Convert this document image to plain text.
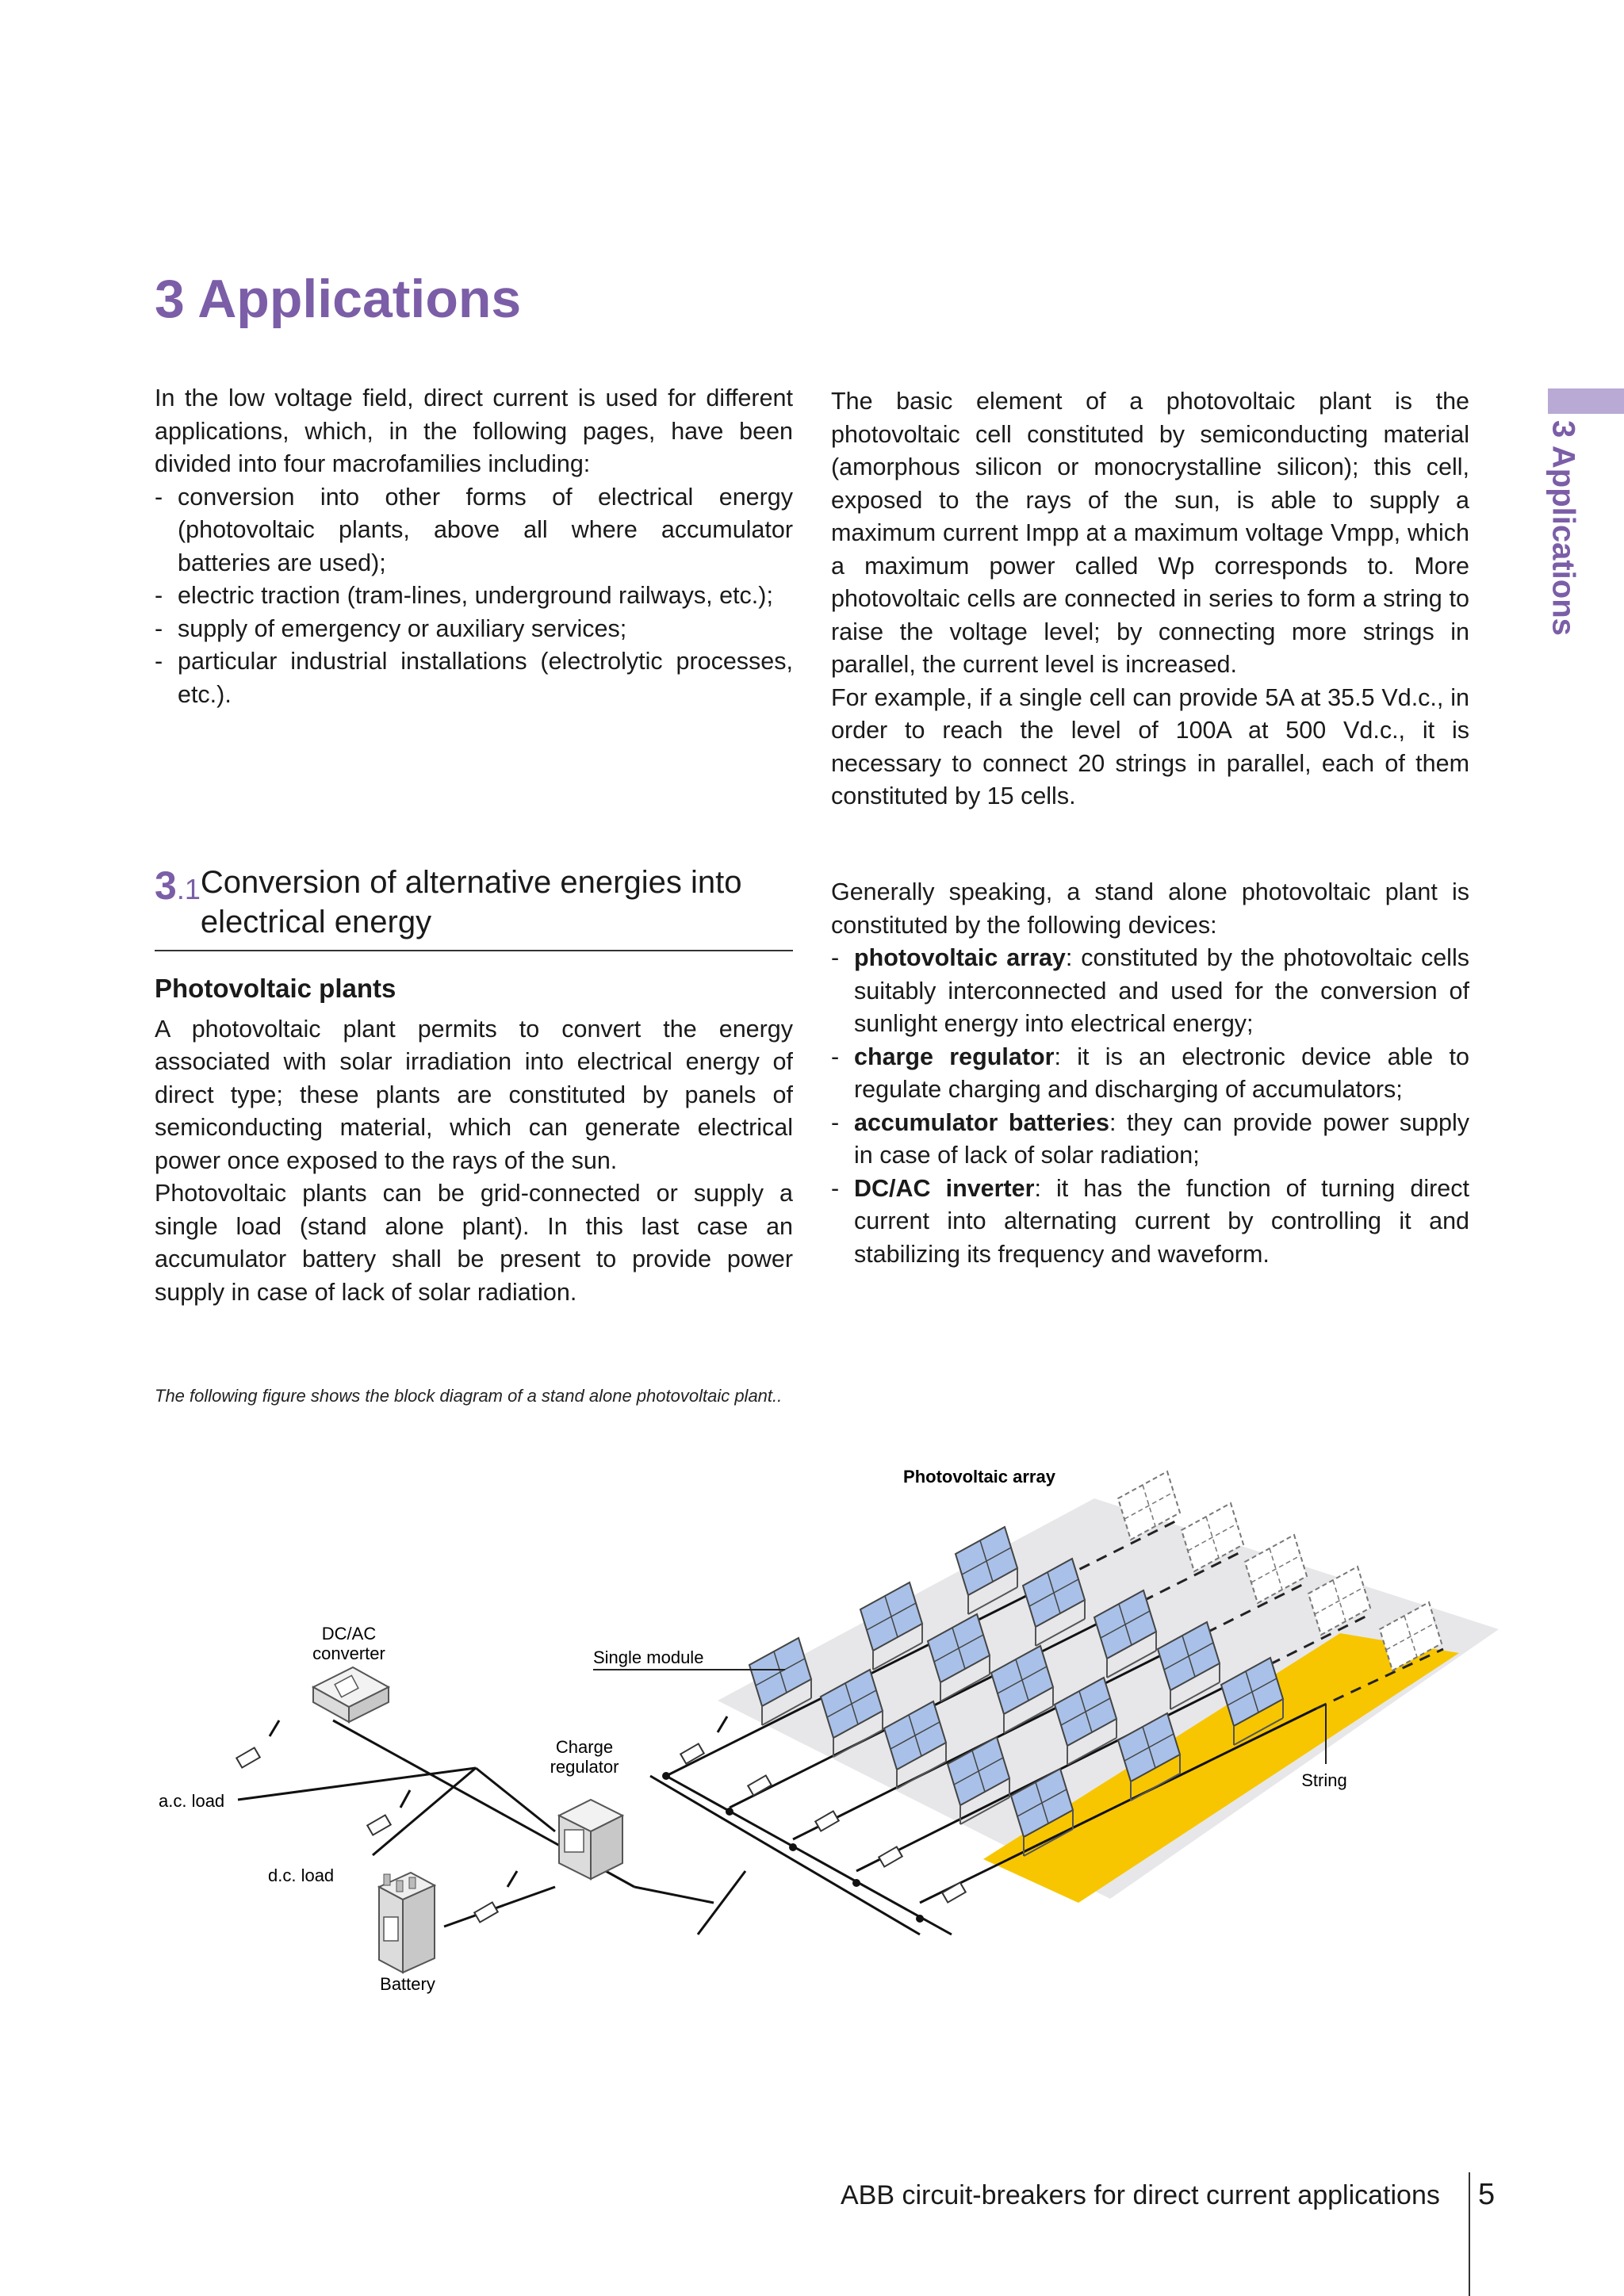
3 Applications
3 Applications

In the low voltage field, direct current is used for different applications, which, in the following pages, have been divided into four macrofamilies including:

- conversion into other forms of electrical energy (photovoltaic plants, above all where accumulator batteries are used);
- electric traction (tram-lines, underground railways, etc.);
- supply of emergency or auxiliary services;
- particular industrial installations (electrolytic processes, etc.).

The basic element of a photovoltaic plant is the photovoltaic cell constituted by semiconducting material (amorphous silicon or monocrystalline silicon); this cell, exposed to the rays of the sun, is able to supply a maximum current Impp at a maximum voltage Vmpp, which a maximum power called Wp corresponds to. More photovoltaic cells are connected in series to form a string to raise the voltage level; by connecting more strings in parallel, the current level is increased.

For example, if a single cell can provide 5A at 35.5 Vd.c., in order to reach the level of 100A at 500 Vd.c., it is necessary to connect 20 strings in parallel, each of them constituted by 15 cells.

3.1 Conversion of alternative energies into electrical energy
Photovoltaic plants

A photovoltaic plant permits to convert the energy associated with solar irradiation into electrical energy of direct type; these plants are constituted by panels of semiconducting material, which can generate electrical power once exposed to the rays of the sun.

Photovoltaic plants can be grid-connected or supply a single load (stand alone plant). In this last case an accumulator battery shall be present to provide power supply in case of lack of solar radiation.

Generally speaking, a stand alone photovoltaic plant is constituted by the following devices:

- photovoltaic array: constituted by the photovoltaic cells suitably interconnected and used for the conversion of sunlight energy into electrical energy;
- charge regulator: it is an electronic device able to regulate charging and discharging of accumulators;
- accumulator batteries: they can provide power supply in case of lack of solar radiation;
- DC/AC inverter: it has the function of turning direct current into alternating current by controlling it and stabilizing its frequency and waveform.
The following figure shows the block diagram of a stand alone photovoltaic plant..
String
Photovoltaic array
Single module
DC/AC
converter
Charge
regulator
Battery
a.c. load
d.c. load
ABB circuit-breakers for direct current applications 5
